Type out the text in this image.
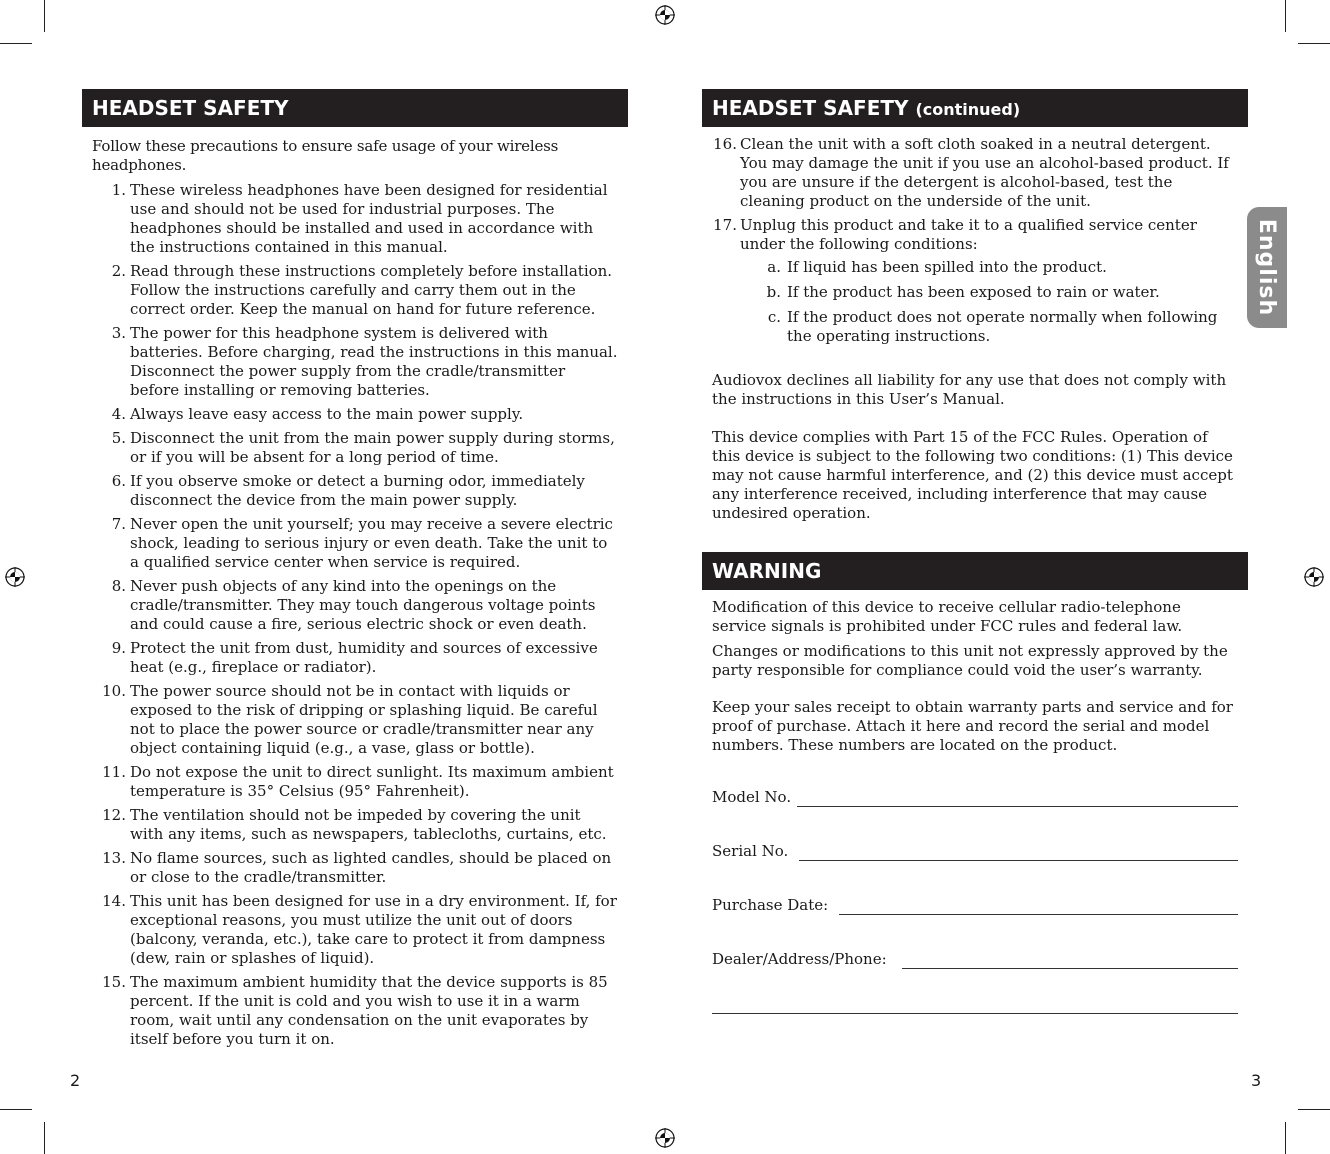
HEADSET SAFETY

Follow these precautions to ensure safe usage of your wireless headphones.

1. These wireless headphones have been designed for residential use and should not be used for industrial purposes. The headphones should be installed and used in accordance with the instructions contained in this manual.
2. Read through these instructions completely before installation. Follow the instructions carefully and carry them out in the correct order. Keep the manual on hand for future reference.
3. The power for this headphone system is delivered with batteries. Before charging, read the instructions in this manual. Disconnect the power supply from the cradle/transmitter before installing or removing batteries.
4. Always leave easy access to the main power supply.
5. Disconnect the unit from the main power supply during storms, or if you will be absent for a long period of time.
6. If you observe smoke or detect a burning odor, immediately disconnect the device from the main power supply.
7. Never open the unit yourself; you may receive a severe electric shock, leading to serious injury or even death. Take the unit to a qualified service center when service is required.
8. Never push objects of any kind into the openings on the cradle/transmitter. They may touch dangerous voltage points and could cause a fire, serious electric shock or even death.
9. Protect the unit from dust, humidity and sources of excessive heat (e.g., fireplace or radiator).
10. The power source should not be in contact with liquids or exposed to the risk of dripping or splashing liquid. Be careful not to place the power source or cradle/transmitter near any object containing liquid (e.g., a vase, glass or bottle).
11. Do not expose the unit to direct sunlight. Its maximum ambient temperature is 35° Celsius (95° Fahrenheit).
12. The ventilation should not be impeded by covering the unit with any items, such as newspapers, tablecloths, curtains, etc.
13. No flame sources, such as lighted candles, should be placed on or close to the cradle/transmitter.
14. This unit has been designed for use in a dry environment. If, for exceptional reasons, you must utilize the unit out of doors (balcony, veranda, etc.), take care to protect it from dampness (dew, rain or splashes of liquid).
15. The maximum ambient humidity that the device supports is 85 percent. If the unit is cold and you wish to use it in a warm room, wait until any condensation on the unit evaporates by itself before you turn it on.
2
HEADSET SAFETY (continued)
16. Clean the unit with a soft cloth soaked in a neutral detergent. You may damage the unit if you use an alcohol-based product. If you are unsure if the detergent is alcohol-based, test the cleaning product on the underside of the unit.
17. Unplug this product and take it to a qualified service center under the following conditions:
a. If liquid has been spilled into the product.
b. If the product has been exposed to rain or water.
c. If the product does not operate normally when following the operating instructions.

Audiovox declines all liability for any use that does not comply with the instructions in this User’s Manual.

This device complies with Part 15 of the FCC Rules. Operation of this device is subject to the following two conditions: (1) This device may not cause harmful interference, and (2) this device must accept any interference received, including interference that may cause undesired operation.

WARNING

Modification of this device to receive cellular radio-telephone service signals is prohibited under FCC rules and federal law.

Changes or modifications to this unit not expressly approved by the party responsible for compliance could void the user’s warranty.

Keep your sales receipt to obtain warranty parts and service and for proof of purchase. Attach it here and record the serial and model numbers. These numbers are located on the product.

Model No.
Serial No.
Purchase Date:
Dealer/Address/Phone:
English
3
